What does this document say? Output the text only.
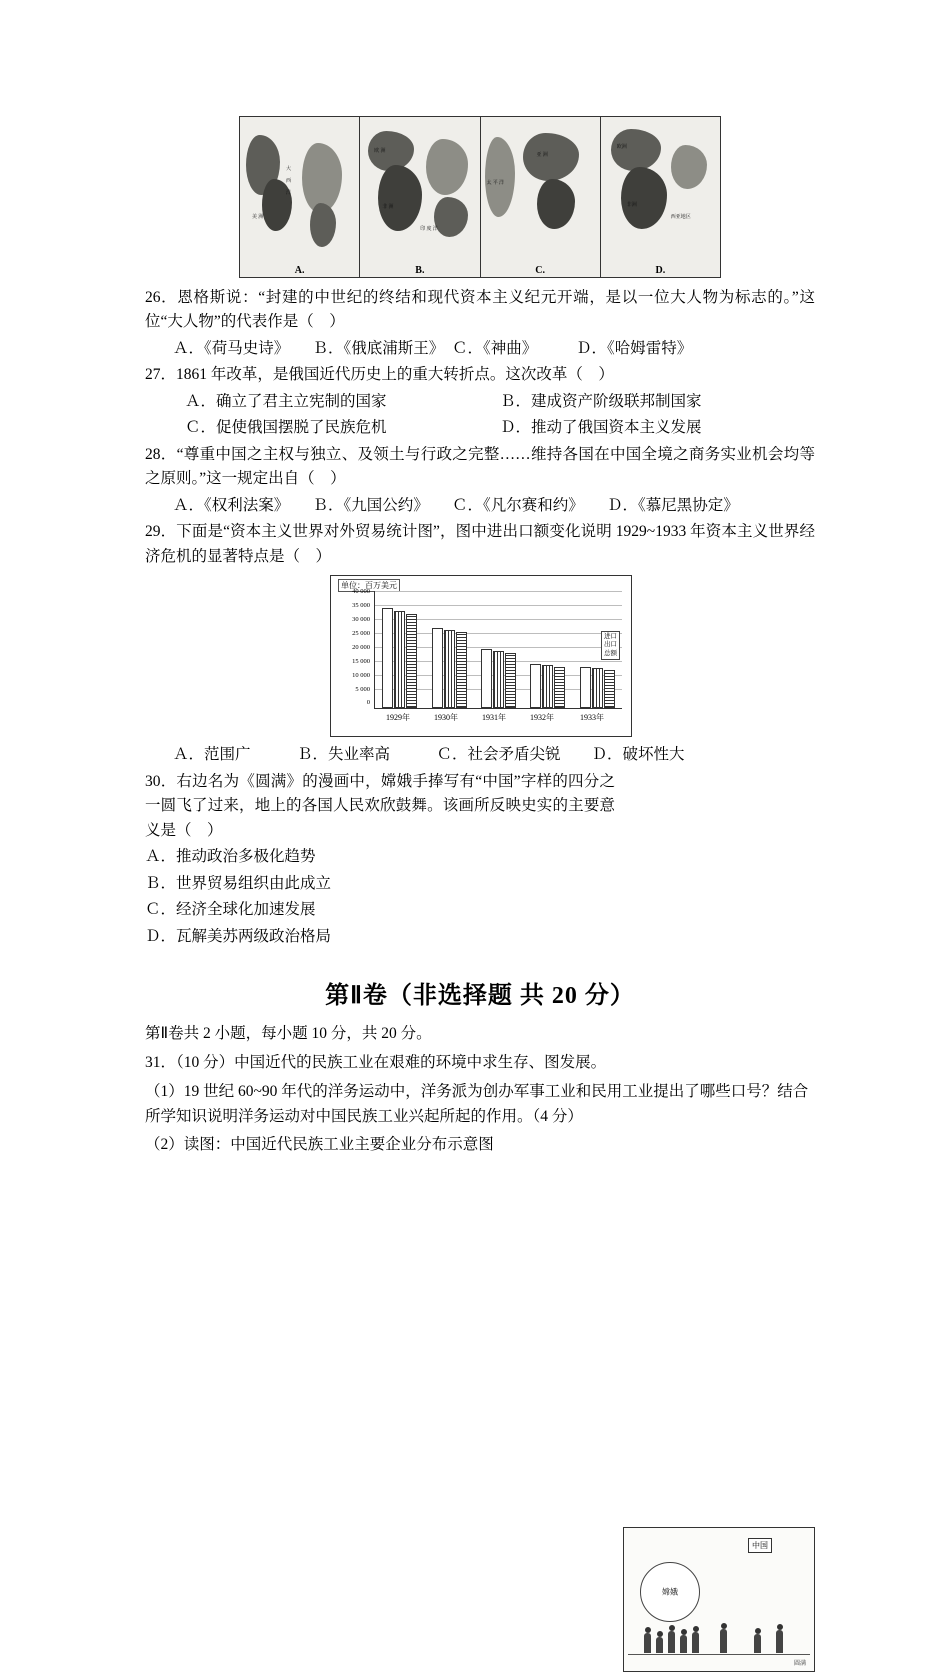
大
西
洋
美 洲
A.
欧 洲
非 洲
印 度 洋
B.
太 平 洋
亚 洲
C.
欧洲
非洲
西亚地区
D.

26．恩格斯说：“封建的中世纪的终结和现代资本主义纪元开端，是以一位大人物为标志的。”这位“大人物”的代表作是（　）

Ａ．《荷马史诗》　　Ｂ．《俄底浦斯王》　Ｃ．《神曲》　　　Ｄ．《哈姆雷特》

27．1861 年改革，是俄国近代历史上的重大转折点。这次改革（　）

Ａ．确立了君主立宪制的国家	Ｂ．建成资产阶级联邦制国家
Ｃ．促使俄国摆脱了民族危机	Ｄ．推动了俄国资本主义发展

28．“尊重中国之主权与独立、及领土与行政之完整……维持各国在中国全境之商务实业机会均等之原则。”这一规定出自（　）

Ａ．《权利法案》　　Ｂ．《九国公约》　　Ｃ．《凡尔赛和约》　　Ｄ．《慕尼黑协定》

29．下面是“资本主义世界对外贸易统计图”，图中进出口额变化说明 1929~1933 年资本主义世界经济危机的显著特点是（　）

单位：百万美元
40 000
35 000
30 000
25 000
20 000
15 000
10 000
5 000
0
1929年	1930年	1931年	1932年	1933年
进口
出口
总额

Ａ．范围广　　　Ｂ．失业率高　　　Ｃ．社会矛盾尖锐　　Ｄ．破坏性大

嫦娥
中国
圆满

30．右边名为《圆满》的漫画中，嫦娥手捧写有“中国”字样的四分之一圆飞了过来，地上的各国人民欢欣鼓舞。该画所反映史实的主要意义是（　）

Ａ．推动政治多极化趋势

Ｂ．世界贸易组织由此成立

Ｃ．经济全球化加速发展

Ｄ．瓦解美苏两级政治格局

第Ⅱ卷（非选择题 共 20 分）

第Ⅱ卷共 2 小题，每小题 10 分，共 20 分。

31．（10 分）中国近代的民族工业在艰难的环境中求生存、图发展。

（1）19 世纪 60~90 年代的洋务运动中，洋务派为创办军事工业和民用工业提出了哪些口号？结合所学知识说明洋务运动对中国民族工业兴起所起的作用。（4 分）

（2）读图：中国近代民族工业主要企业分布示意图
